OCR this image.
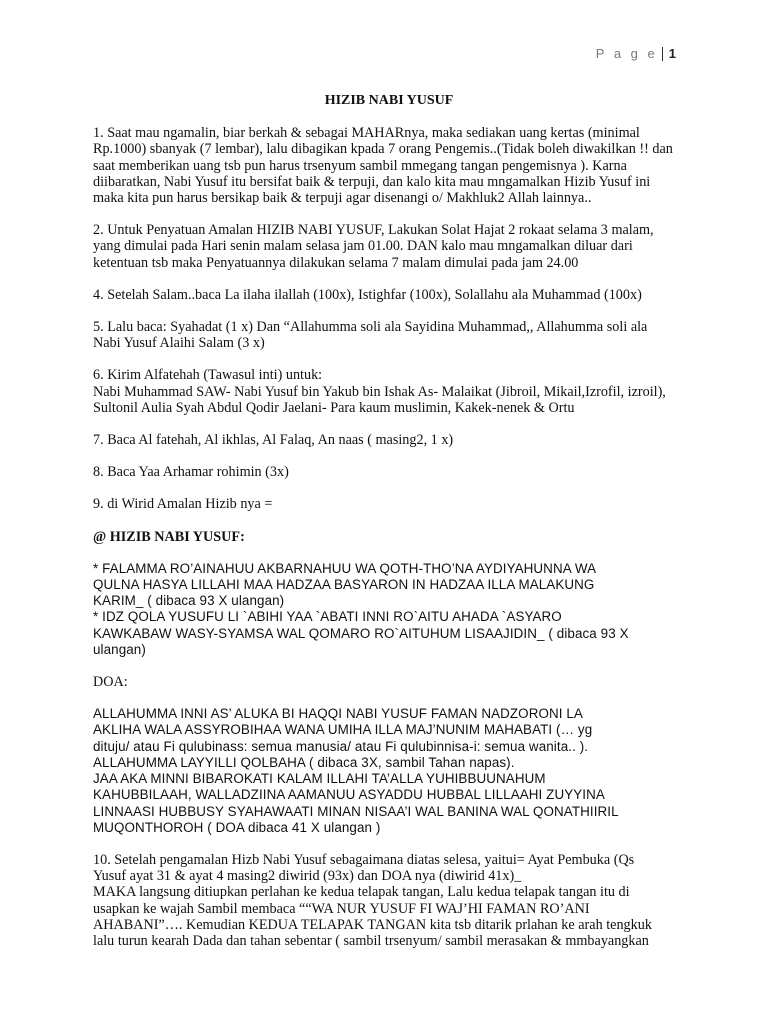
P a g e 1
HIZIB NABI YUSUF
1. Saat mau ngamalin, biar berkah & sebagai MAHARnya, maka sediakan uang kertas (minimal
Rp.1000) sbanyak (7 lembar), lalu dibagikan kpada 7 orang Pengemis..(Tidak boleh diwakilkan !! dan
saat memberikan uang tsb pun harus trsenyum sambil mmegang tangan pengemisnya ). Karna
diibaratkan, Nabi Yusuf itu bersifat baik & terpuji, dan kalo kita mau mngamalkan Hizib Yusuf ini
maka kita pun harus bersikap baik & terpuji agar disenangi o/ Makhluk2 Allah lainnya..
2. Untuk Penyatuan Amalan HIZIB NABI YUSUF, Lakukan Solat Hajat 2 rokaat selama 3 malam,
yang dimulai pada Hari senin malam selasa jam 01.00. DAN kalo mau mngamalkan diluar dari
ketentuan tsb maka Penyatuannya dilakukan selama 7 malam dimulai pada jam 24.00
4. Setelah Salam..baca La ilaha ilallah (100x), Istighfar (100x), Solallahu ala Muhammad (100x)
5. Lalu baca: Syahadat (1 x) Dan “Allahumma soli ala Sayidina Muhammad,, Allahumma soli ala
Nabi Yusuf Alaihi Salam (3 x)
6. Kirim Alfatehah (Tawasul inti) untuk:
Nabi Muhammad SAW- Nabi Yusuf bin Yakub bin Ishak As- Malaikat (Jibroil, Mikail,Izrofil, izroil),
Sultonil Aulia Syah Abdul Qodir Jaelani- Para kaum muslimin, Kakek-nenek & Ortu
7. Baca Al fatehah, Al ikhlas, Al Falaq, An naas ( masing2, 1 x)
8. Baca Yaa Arhamar rohimin (3x)
9. di Wirid Amalan Hizib nya =
@ HIZIB NABI YUSUF:
* FALAMMA RO’AINAHUU AKBARNAHUU WA QOTH-THO’NA AYDIYAHUNNA WA
QULNA HASYA LILLAHI MAA HADZAA BASYARON IN HADZAA ILLA MALAKUNG
KARIM_ ( dibaca 93 X ulangan)
* IDZ QOLA YUSUFU LI `ABIHI YAA `ABATI INNI RO`AITU AHADA `ASYARO
KAWKABAW WASY-SYAMSA WAL QOMARO RO`AITUHUM LISAAJIDIN_ ( dibaca 93 X
ulangan)
DOA:
ALLAHUMMA INNI AS’ ALUKA BI HAQQI NABI YUSUF FAMAN NADZORONI LA
AKLIHA WALA ASSYROBIHAA WANA UMIHA ILLA MAJ’NUNIM MAHABATI (… yg
dituju/ atau Fi qulubinass: semua manusia/ atau Fi qulubinnisa-i: semua wanita.. ).
ALLAHUMMA LAYYILLI QOLBAHA ( dibaca 3X, sambil Tahan napas).
JAA AKA MINNI BIBAROKATI KALAM ILLAHI TA’ALLA YUHIBBUUNAHUM
KAHUBBILAAH, WALLADZIINA AAMANUU ASYADDU HUBBAL LILLAAHI ZUYYINA
LINNAASI HUBBUSY SYAHAWAATI MINAN NISAA’I WAL BANINA WAL QONATHIIRIL
MUQONTHOROH ( DOA dibaca 41 X ulangan )
10. Setelah pengamalan Hizb Nabi Yusuf sebagaimana diatas selesa, yaitui= Ayat Pembuka (Qs
Yusuf ayat 31 & ayat 4 masing2 diwirid (93x) dan DOA nya (diwirid 41x)_
MAKA langsung ditiupkan perlahan ke kedua telapak tangan, Lalu kedua telapak tangan itu di
usapkan ke wajah Sambil membaca ““WA NUR YUSUF FI WAJ’HI FAMAN RO’ANI
AHABANI”…. Kemudian KEDUA TELAPAK TANGAN kita tsb ditarik prlahan ke arah tengkuk
lalu turun kearah Dada dan tahan sebentar ( sambil trsenyum/ sambil merasakan & mmbayangkan
